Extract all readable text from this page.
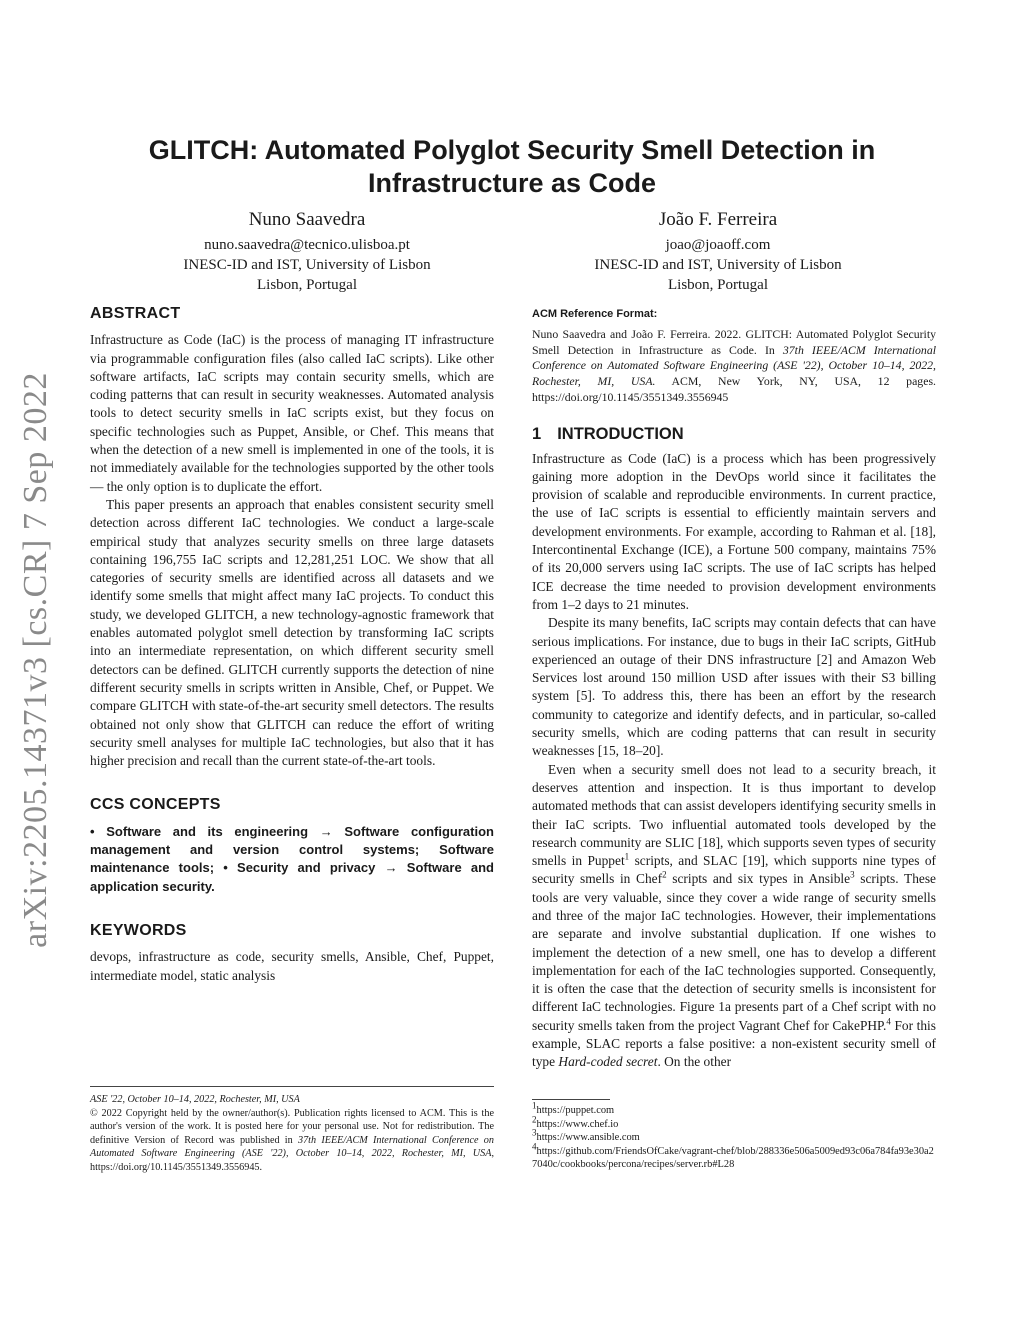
arXiv:2205.14371v3 [cs.CR] 7 Sep 2022
GLITCH: Automated Polyglot Security Smell Detection in Infrastructure as Code
Nuno Saavedra
nuno.saavedra@tecnico.ulisboa.pt
INESC-ID and IST, University of Lisbon
Lisbon, Portugal
João F. Ferreira
joao@joaoff.com
INESC-ID and IST, University of Lisbon
Lisbon, Portugal
ABSTRACT

Infrastructure as Code (IaC) is the process of managing IT infrastructure via programmable configuration files (also called IaC scripts). Like other software artifacts, IaC scripts may contain security smells, which are coding patterns that can result in security weaknesses. Automated analysis tools to detect security smells in IaC scripts exist, but they focus on specific technologies such as Puppet, Ansible, or Chef. This means that when the detection of a new smell is implemented in one of the tools, it is not immediately available for the technologies supported by the other tools — the only option is to duplicate the effort.

This paper presents an approach that enables consistent security smell detection across different IaC technologies. We conduct a large-scale empirical study that analyzes security smells on three large datasets containing 196,755 IaC scripts and 12,281,251 LOC. We show that all categories of security smells are identified across all datasets and we identify some smells that might affect many IaC projects. To conduct this study, we developed GLITCH, a new technology-agnostic framework that enables automated polyglot smell detection by transforming IaC scripts into an intermediate representation, on which different security smell detectors can be defined. GLITCH currently supports the detection of nine different security smells in scripts written in Ansible, Chef, or Puppet. We compare GLITCH with state-of-the-art security smell detectors. The results obtained not only show that GLITCH can reduce the effort of writing security smell analyses for multiple IaC technologies, but also that it has higher precision and recall than the current state-of-the-art tools.

CCS CONCEPTS

• Software and its engineering → Software configuration management and version control systems; Software maintenance tools; • Security and privacy → Software and application security.

KEYWORDS

devops, infrastructure as code, security smells, Ansible, Chef, Puppet, intermediate model, static analysis

ASE '22, October 10–14, 2022, Rochester, MI, USA
© 2022 Copyright held by the owner/author(s). Publication rights licensed to ACM. This is the author's version of the work. It is posted here for your personal use. Not for redistribution. The definitive Version of Record was published in 37th IEEE/ACM International Conference on Automated Software Engineering (ASE '22), October 10–14, 2022, Rochester, MI, USA, https://doi.org/10.1145/3551349.3556945.
ACM Reference Format:

Nuno Saavedra and João F. Ferreira. 2022. GLITCH: Automated Polyglot Security Smell Detection in Infrastructure as Code. In 37th IEEE/ACM International Conference on Automated Software Engineering (ASE '22), October 10–14, 2022, Rochester, MI, USA. ACM, New York, NY, USA, 12 pages. https://doi.org/10.1145/3551349.3556945

1 INTRODUCTION

Infrastructure as Code (IaC) is a process which has been progressively gaining more adoption in the DevOps world since it facilitates the provision of scalable and reproducible environments. In current practice, the use of IaC scripts is essential to efficiently maintain servers and development environments. For example, according to Rahman et al. [18], Intercontinental Exchange (ICE), a Fortune 500 company, maintains 75% of its 20,000 servers using IaC scripts. The use of IaC scripts has helped ICE decrease the time needed to provision development environments from 1–2 days to 21 minutes.

Despite its many benefits, IaC scripts may contain defects that can have serious implications. For instance, due to bugs in their IaC scripts, GitHub experienced an outage of their DNS infrastructure [2] and Amazon Web Services lost around 150 million USD after issues with their S3 billing system [5]. To address this, there has been an effort by the research community to categorize and identify defects, and in particular, so-called security smells, which are coding patterns that can result in security weaknesses [15, 18–20].

Even when a security smell does not lead to a security breach, it deserves attention and inspection. It is thus important to develop automated methods that can assist developers identifying security smells in their IaC scripts. Two influential automated tools developed by the research community are SLIC [18], which supports seven types of security smells in Puppet$^1$ scripts, and SLAC [19], which supports nine types of security smells in Chef$^2$ scripts and six types in Ansible$^3$ scripts. These tools are very valuable, since they cover a wide range of security smells and three of the major IaC technologies. However, their implementations are separate and involve substantial duplication. If one wishes to implement the detection of a new smell, one has to develop a different implementation for each of the IaC technologies supported. Consequently, it is often the case that the detection of security smells is inconsistent for different IaC technologies. Figure 1a presents part of a Chef script with no security smells taken from the project Vagrant Chef for CakePHP.$^4$ For this example, SLAC reports a false positive: a non-existent security smell of type Hard-coded secret. On the other

$^1$https://puppet.com
$^2$https://www.chef.io
$^3$https://www.ansible.com
$^4$https://github.com/FriendsOfCake/vagrant-chef/blob/288336e506a5009ed93c06a784fa93e30a27040c/cookbooks/percona/recipes/server.rb#L28
